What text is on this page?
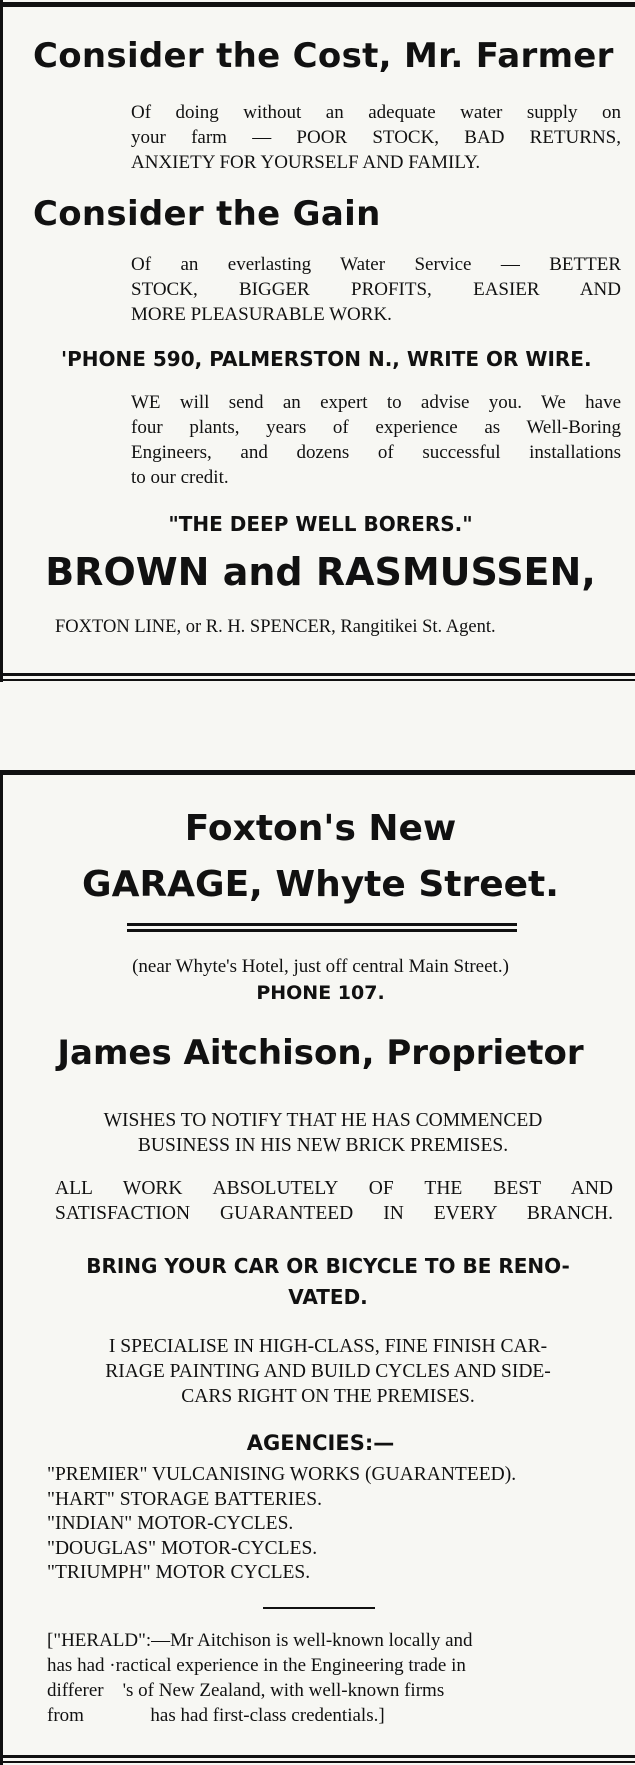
Consider the Cost, Mr. Farmer
Of doing without an adequate water supply on
your farm — POOR STOCK, BAD RETURNS,
ANXIETY FOR YOURSELF AND FAMILY.
Consider the Gain
Of an everlasting Water Service — BETTER
STOCK, BIGGER PROFITS, EASIER AND
MORE PLEASURABLE WORK.
'PHONE 590, PALMERSTON N., WRITE OR WIRE.
WE will send an expert to advise you. We have
four plants, years of experience as Well-Boring
Engineers, and dozens of successful installations
to our credit.
"THE DEEP WELL BORERS."
BROWN and RASMUSSEN,
FOXTON LINE, or R. H. SPENCER, Rangitikei St. Agent.
Foxton's New
GARAGE, Whyte Street.
(near Whyte's Hotel, just off central Main Street.)
PHONE 107.
James Aitchison, Proprietor
WISHES TO NOTIFY THAT HE HAS COMMENCED
BUSINESS IN HIS NEW BRICK PREMISES.
ALL WORK ABSOLUTELY OF THE BEST AND
SATISFACTION GUARANTEED IN EVERY BRANCH.
BRING YOUR CAR OR BICYCLE TO BE RENO-
VATED.
I SPECIALISE IN HIGH-CLASS, FINE FINISH CAR-
RIAGE PAINTING AND BUILD CYCLES AND SIDE-
CARS RIGHT ON THE PREMISES.
AGENCIES:—
"PREMIER" VULCANISING WORKS (GUARANTEED).
"HART" STORAGE BATTERIES.
"INDIAN" MOTOR-CYCLES.
"DOUGLAS" MOTOR-CYCLES.
"TRIUMPH" MOTOR CYCLES.
["HERALD":—Mr Aitchison is well-known locally and
has had ·ractical experience in the Engineering trade in
differer    's of New Zealand, with well-known firms
from              has had first-class credentials.]
